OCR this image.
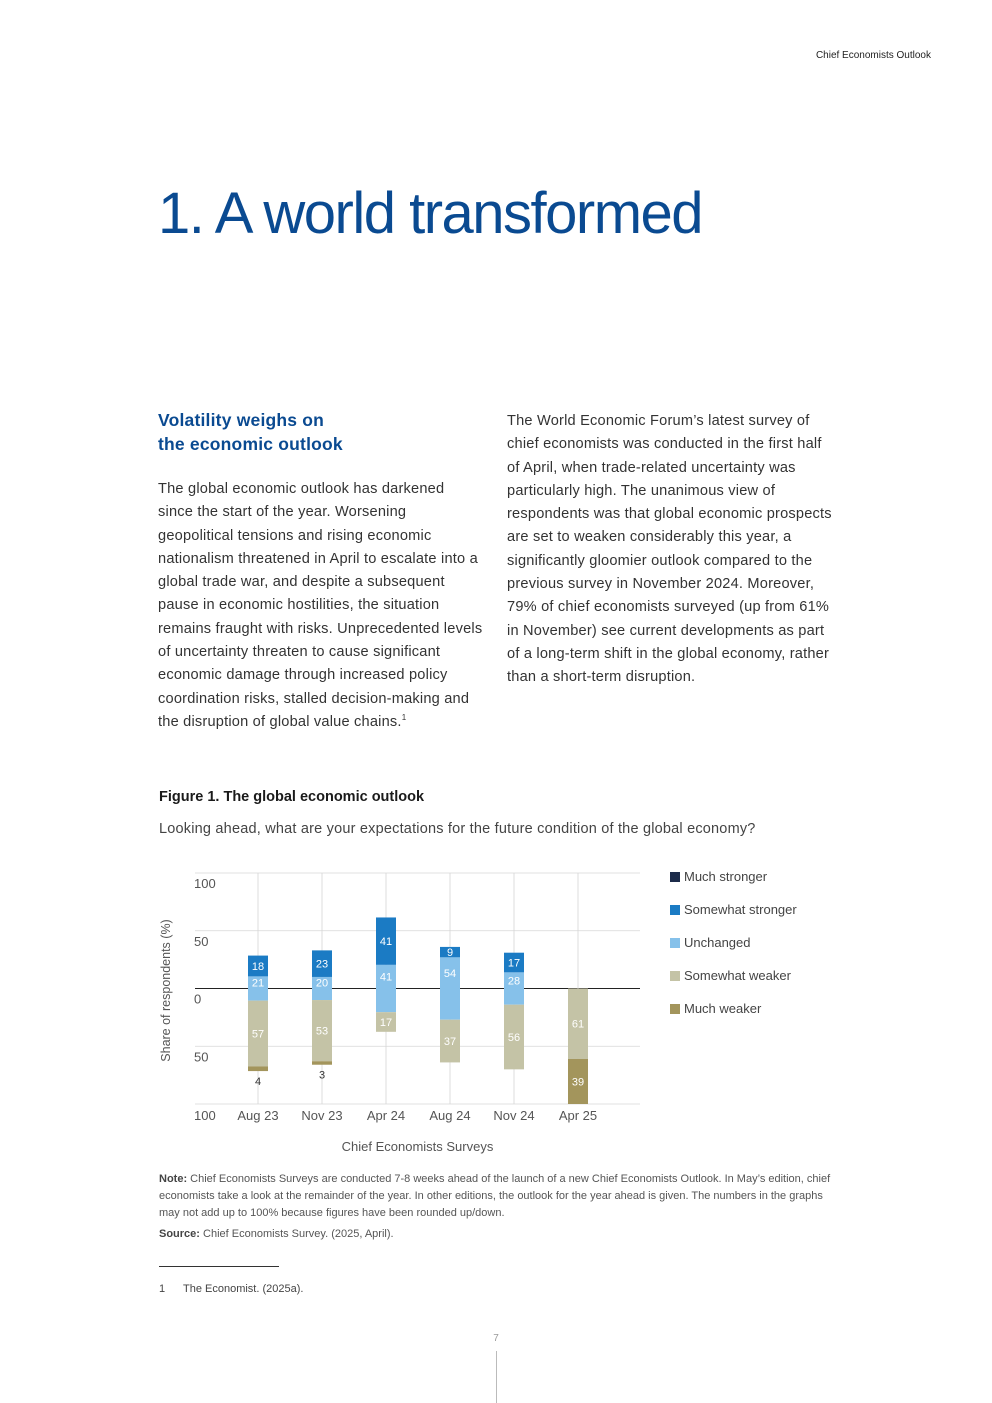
Chief Economists Outlook
1. A world transformed
Volatility weighs on
the economic outlook

The global economic outlook has darkened since the start of the year. Worsening geopolitical tensions and rising economic nationalism threatened in April to escalate into a global trade war, and despite a subsequent pause in economic hostilities, the situation remains fraught with risks. Unprecedented levels of uncertainty threaten to cause significant economic damage through increased policy coordination risks, stalled decision-making and the disruption of global value chains.$^1$

The World Economic Forum’s latest survey of chief economists was conducted in the first half of April, when trade-related uncertainty was particularly high. The unanimous view of respondents was that global economic prospects are set to weaken considerably this year, a significantly gloomier outlook compared to the previous survey in November 2024. Moreover, 79% of chief economists surveyed (up from 61% in November) see current developments as part of a long-term shift in the global economy, rather than a short-term disruption.

Figure 1. The global economic outlook
Looking ahead, what are your expectations for the future condition of the global economy?
100
50
0
50
100 Aug 23 Nov 23 Apr 24 Aug 24 Nov 24 Apr 25
Share of respondents (%)
Chief Economists Surveys
18
21
57
4
23
20
53
3
41
41
17
9
54
37
17
28
56
61
39
Much stronger
Somewhat stronger
Unchanged
Somewhat weaker
Much weaker
Note: Chief Economists Surveys are conducted 7-8 weeks ahead of the launch of a new Chief Economists Outlook. In May’s edition, chief economists take a look at the remainder of the year. In other editions, the outlook for the year ahead is given. The numbers in the graphs may not add up to 100% because figures have been rounded up/down.
Source: Chief Economists Survey. (2025, April).
1 The Economist. (2025a).
7
